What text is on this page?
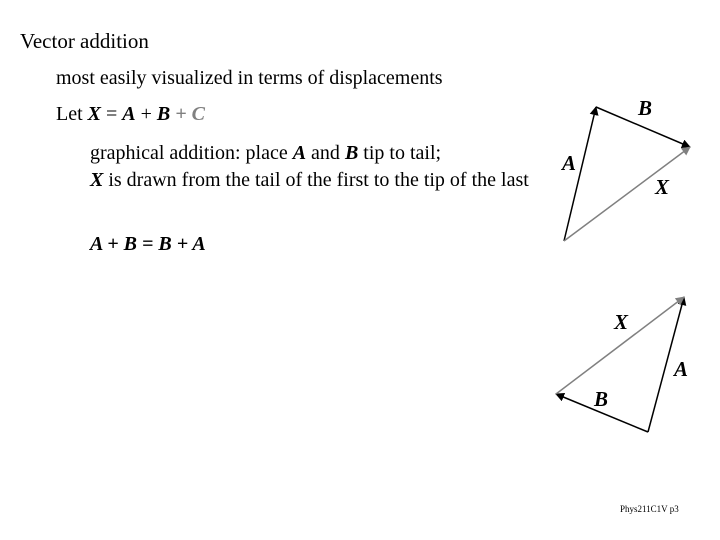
Vector addition
most easily visualized in terms of displacements
Let X = A + B + C
graphical addition: place A and B tip to tail;
X is drawn from the tail of the first to the tip of the last
A + B = B + A
B
A
X
X
A
B
Phys211C1V p3
